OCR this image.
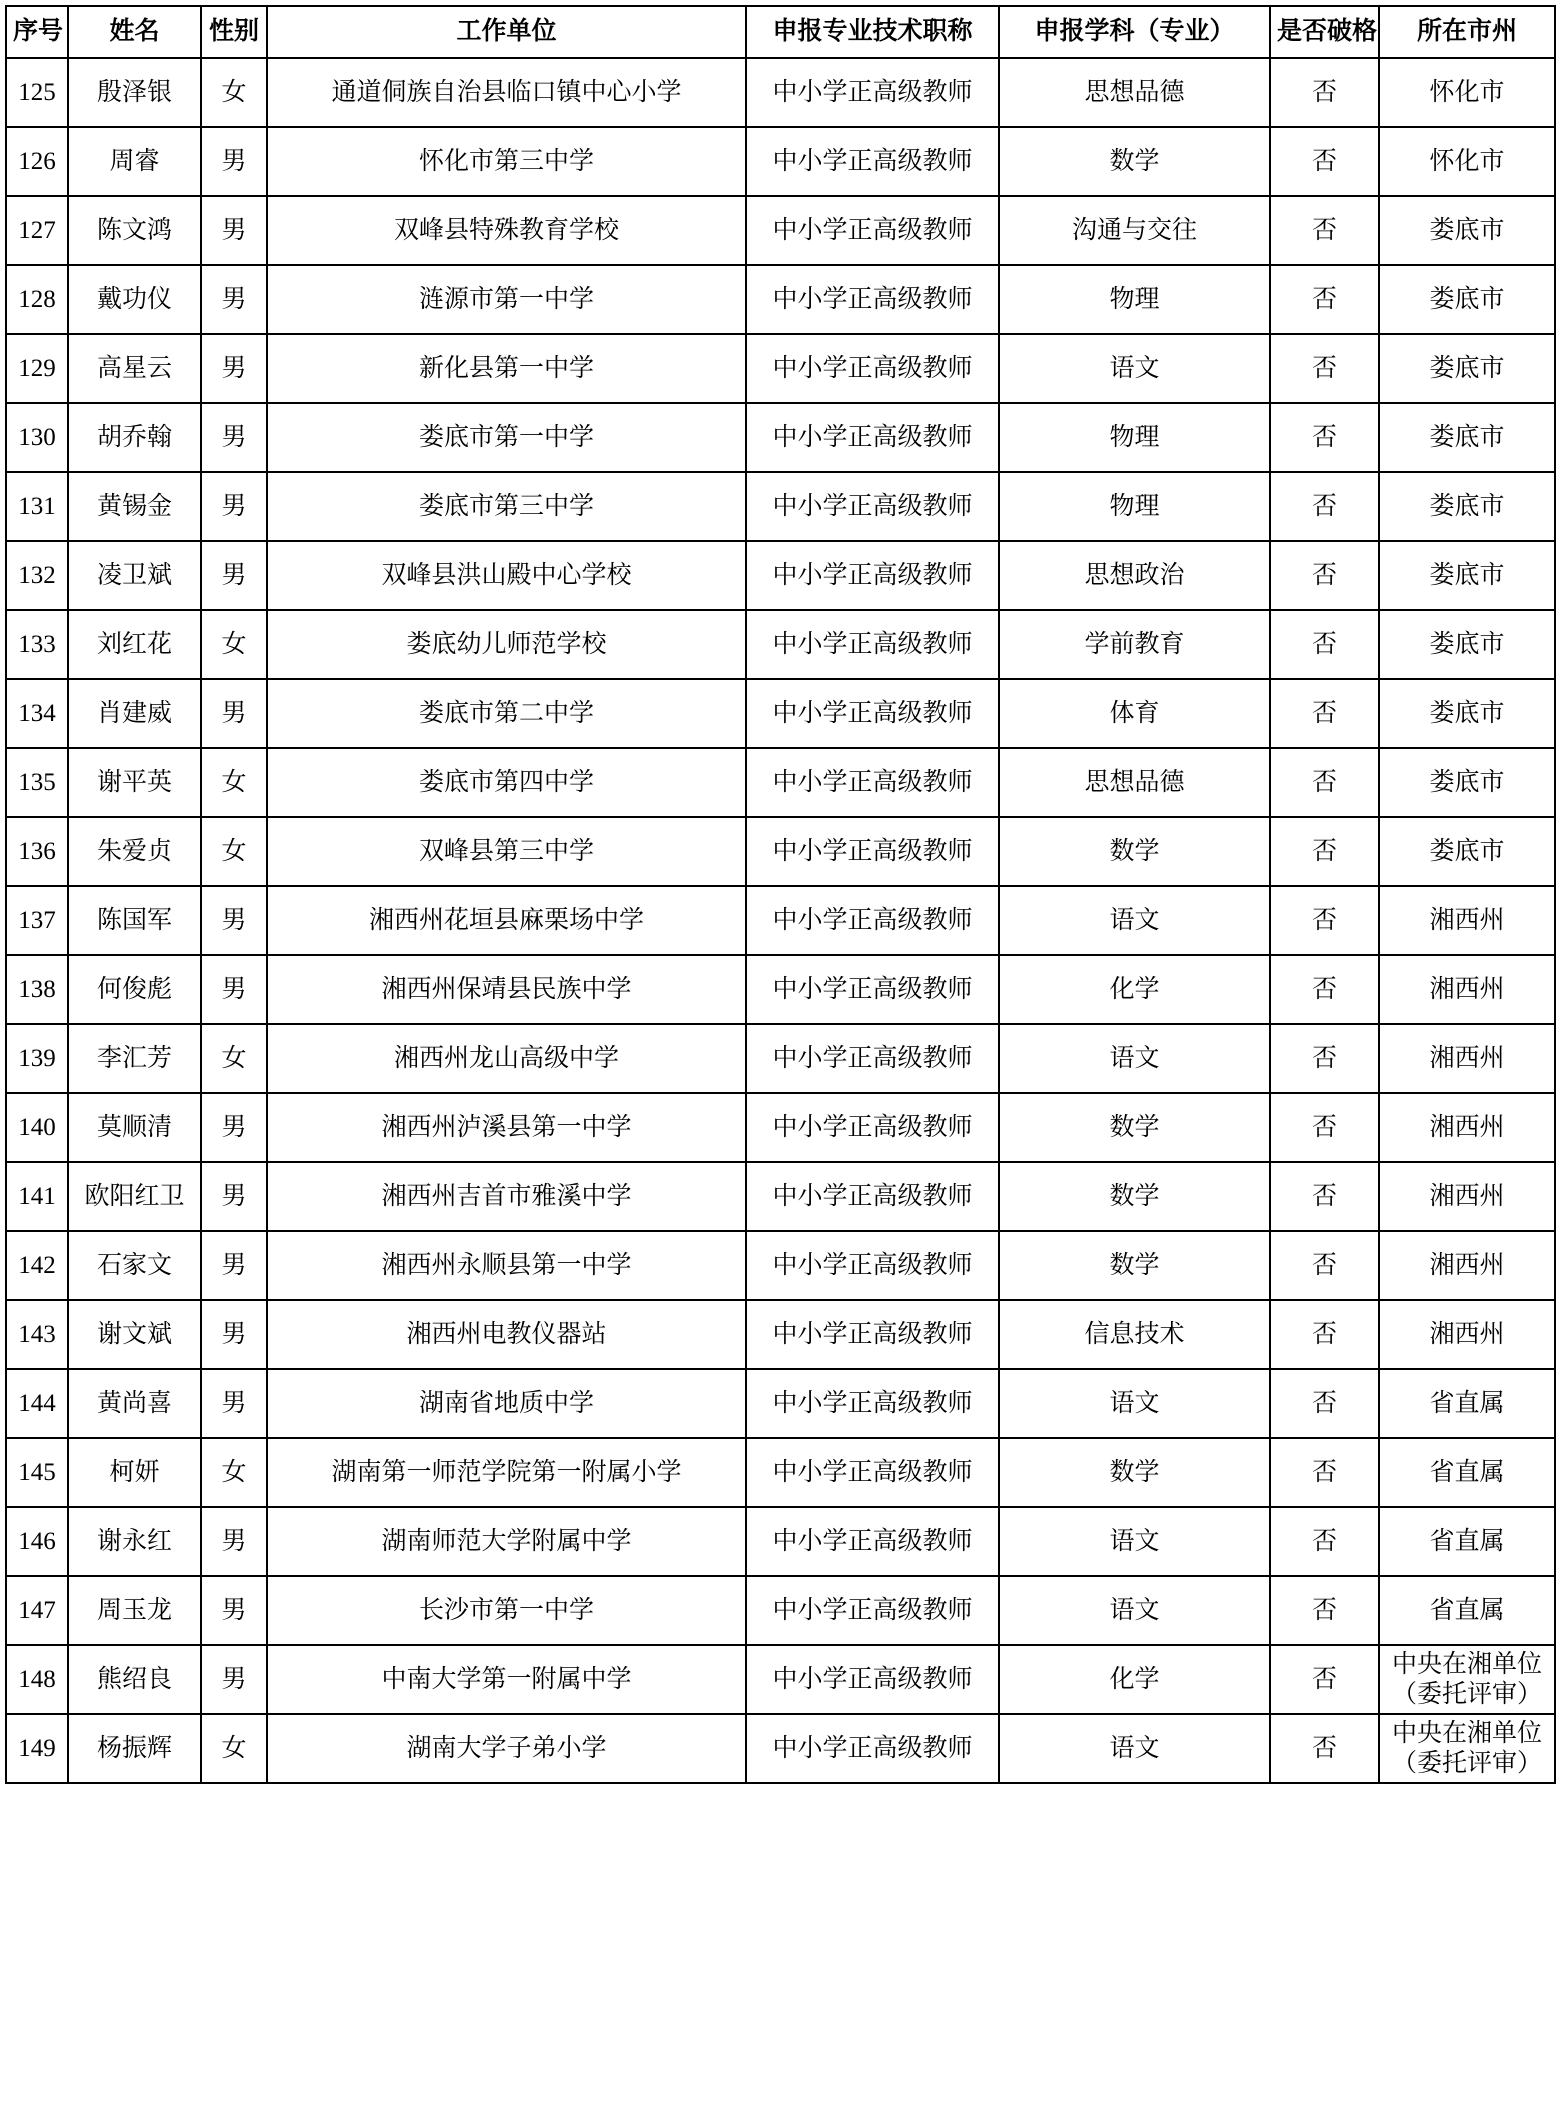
序号	姓名	性别	工作单位	申报专业技术职称	申报学科（专业）	是否破格	所在市州
125	殷泽银	女	通道侗族自治县临口镇中心小学	中小学正高级教师	思想品德	否	怀化市
126	周睿	男	怀化市第三中学	中小学正高级教师	数学	否	怀化市
127	陈文鸿	男	双峰县特殊教育学校	中小学正高级教师	沟通与交往	否	娄底市
128	戴功仪	男	涟源市第一中学	中小学正高级教师	物理	否	娄底市
129	高星云	男	新化县第一中学	中小学正高级教师	语文	否	娄底市
130	胡乔翰	男	娄底市第一中学	中小学正高级教师	物理	否	娄底市
131	黄锡金	男	娄底市第三中学	中小学正高级教师	物理	否	娄底市
132	凌卫斌	男	双峰县洪山殿中心学校	中小学正高级教师	思想政治	否	娄底市
133	刘红花	女	娄底幼儿师范学校	中小学正高级教师	学前教育	否	娄底市
134	肖建威	男	娄底市第二中学	中小学正高级教师	体育	否	娄底市
135	谢平英	女	娄底市第四中学	中小学正高级教师	思想品德	否	娄底市
136	朱爱贞	女	双峰县第三中学	中小学正高级教师	数学	否	娄底市
137	陈国军	男	湘西州花垣县麻栗场中学	中小学正高级教师	语文	否	湘西州
138	何俊彪	男	湘西州保靖县民族中学	中小学正高级教师	化学	否	湘西州
139	李汇芳	女	湘西州龙山高级中学	中小学正高级教师	语文	否	湘西州
140	莫顺清	男	湘西州泸溪县第一中学	中小学正高级教师	数学	否	湘西州
141	欧阳红卫	男	湘西州吉首市雅溪中学	中小学正高级教师	数学	否	湘西州
142	石家文	男	湘西州永顺县第一中学	中小学正高级教师	数学	否	湘西州
143	谢文斌	男	湘西州电教仪器站	中小学正高级教师	信息技术	否	湘西州
144	黄尚喜	男	湖南省地质中学	中小学正高级教师	语文	否	省直属
145	柯妍	女	湖南第一师范学院第一附属小学	中小学正高级教师	数学	否	省直属
146	谢永红	男	湖南师范大学附属中学	中小学正高级教师	语文	否	省直属
147	周玉龙	男	长沙市第一中学	中小学正高级教师	语文	否	省直属
148	熊绍良	男	中南大学第一附属中学	中小学正高级教师	化学	否	中央在湘单位
（委托评审）

149	杨振辉	女	湖南大学子弟小学	中小学正高级教师	语文	否	中央在湘单位
（委托评审）
